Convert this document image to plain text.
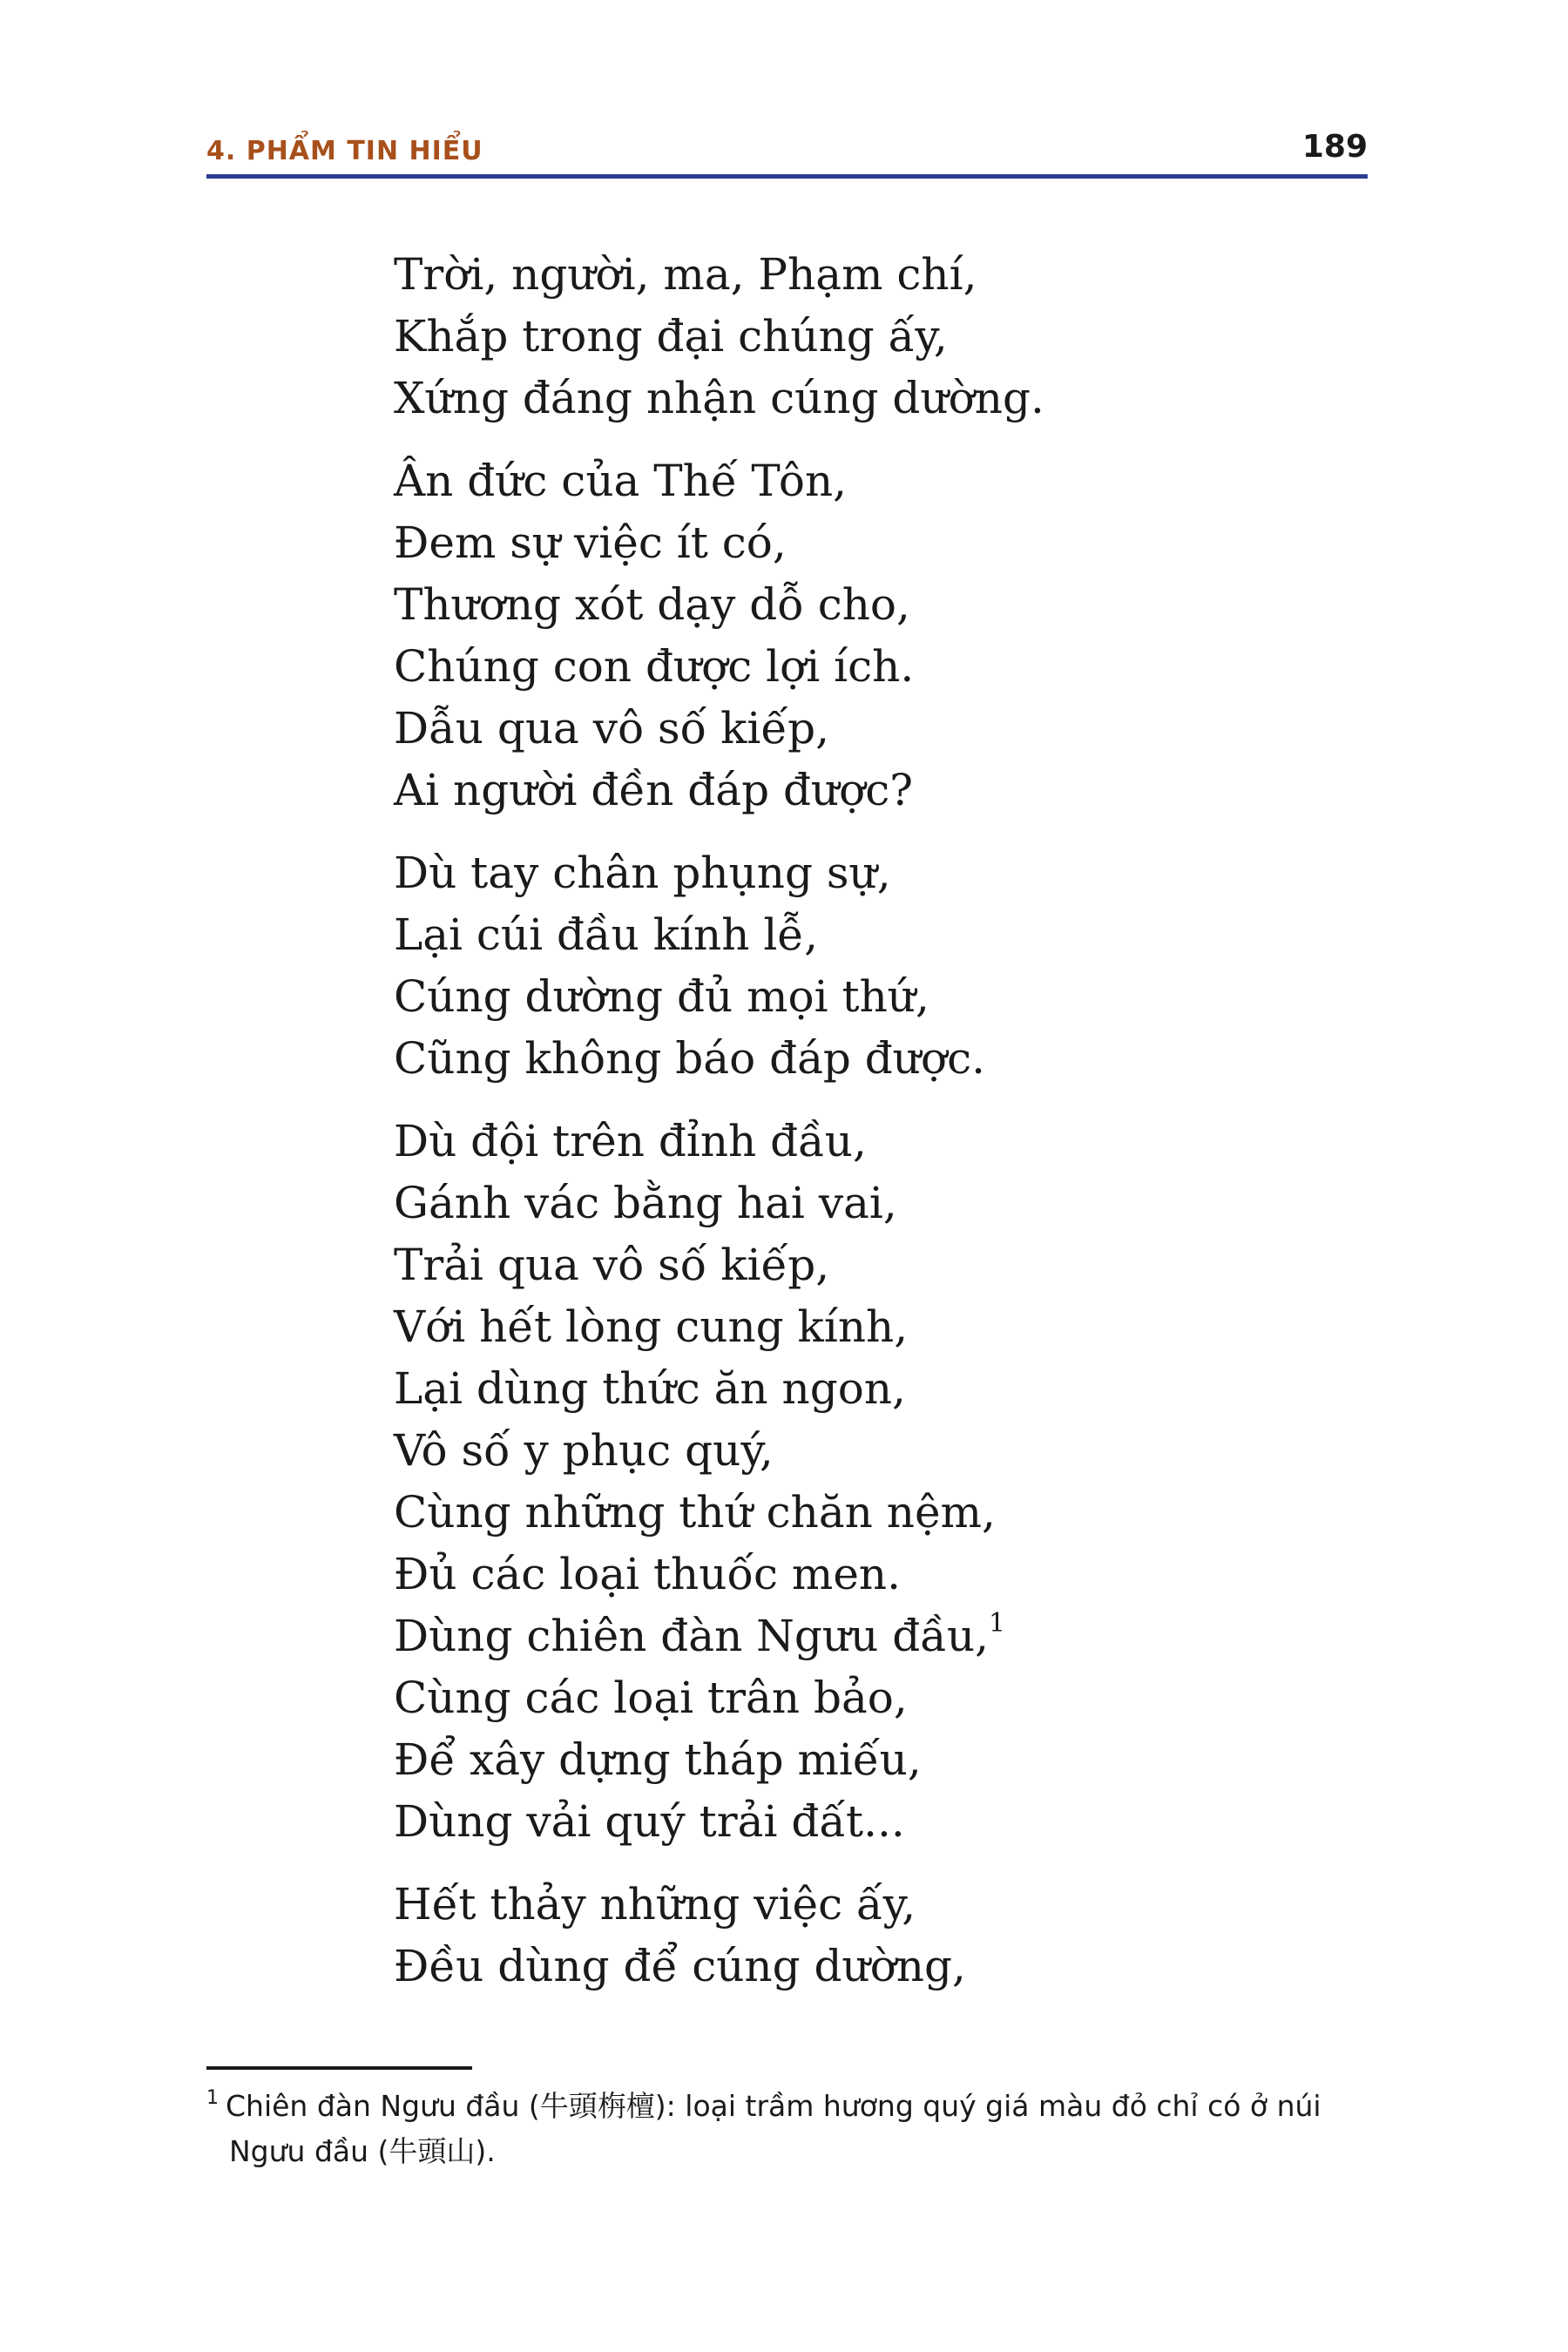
4. PHẨM TIN HIỂU	189
Trời, người, ma, Phạm chí,
Khắp trong đại chúng ấy,
Xứng đáng nhận cúng dường.
Ân đức của Thế Tôn,
Đem sự việc ít có,
Thương xót dạy dỗ cho,
Chúng con được lợi ích.
Dẫu qua vô số kiếp,
Ai người đền đáp được?
Dù tay chân phụng sự,
Lại cúi đầu kính lễ,
Cúng dường đủ mọi thứ,
Cũng không báo đáp được.
Dù đội trên đỉnh đầu,
Gánh vác bằng hai vai,
Trải qua vô số kiếp,
Với hết lòng cung kính,
Lại dùng thức ăn ngon,
Vô số y phục quý,
Cùng những thứ chăn nệm,
Đủ các loại thuốc men.
Dùng chiên đàn Ngưu đầu,$^1$
Cùng các loại trân bảo,
Để xây dựng tháp miếu,
Dùng vải quý trải đất...
Hết thảy những việc ấy,
Đều dùng để cúng dường,
$^1$ Chiên đàn Ngưu đầu (牛頭栴檀): loại trầm hương quý giá màu đỏ chỉ có ở núi
Ngưu đầu (牛頭山).
